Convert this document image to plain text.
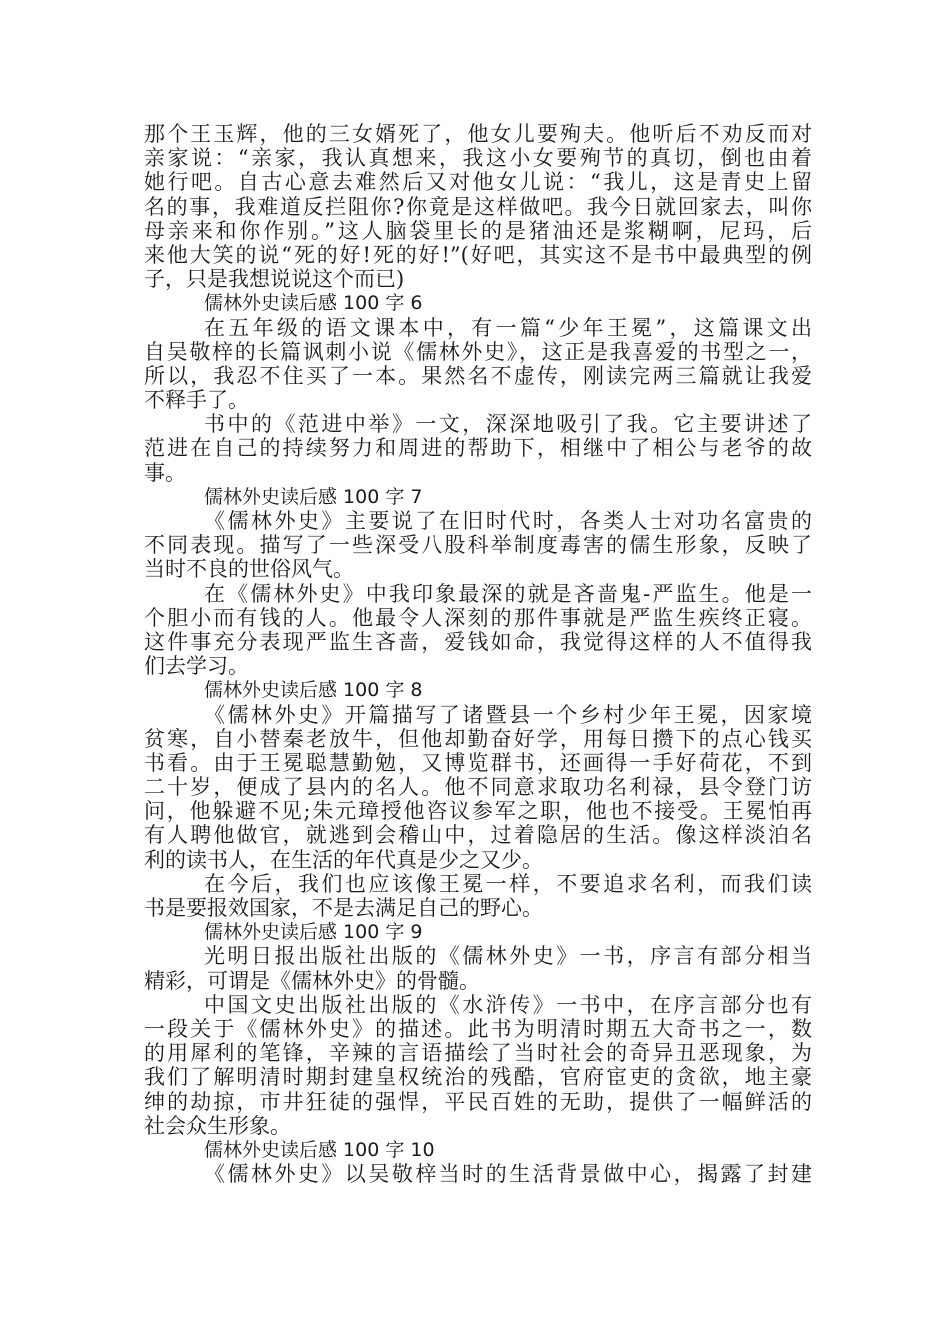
那个王玉辉，他的三女婿死了，他女儿要殉夫。他听后不劝反而对
亲家说：“亲家，我认真想来，我这小女要殉节的真切，倒也由着
她行吧。自古心意去难然后又对他女儿说：“我儿，这是青史上留
名的事，我难道反拦阻你?你竟是这样做吧。我今日就回家去，叫你
母亲来和你作别。”这人脑袋里长的是猪油还是浆糊啊，尼玛，后
来他大笑的说“死的好!死的好!”(好吧，其实这不是书中最典型的例
子，只是我想说说这个而已)
儒林外史读后感 100 字 6
在五年级的语文课本中，有一篇“少年王冕”，这篇课文出
自吴敬梓的长篇讽刺小说《儒林外史》，这正是我喜爱的书型之一，
所以，我忍不住买了一本。果然名不虚传，刚读完两三篇就让我爱
不释手了。
书中的《范进中举》一文，深深地吸引了我。它主要讲述了
范进在自己的持续努力和周进的帮助下，相继中了相公与老爷的故
事。
儒林外史读后感 100 字 7
《儒林外史》主要说了在旧时代时，各类人士对功名富贵的
不同表现。描写了一些深受八股科举制度毒害的儒生形象，反映了
当时不良的世俗风气。
在《儒林外史》中我印象最深的就是吝啬鬼-严监生。他是一
个胆小而有钱的人。他最令人深刻的那件事就是严监生疾终正寝。
这件事充分表现严监生吝啬，爱钱如命，我觉得这样的人不值得我
们去学习。
儒林外史读后感 100 字 8
《儒林外史》开篇描写了诸暨县一个乡村少年王冕，因家境
贫寒，自小替秦老放牛，但他却勤奋好学，用每日攒下的点心钱买
书看。由于王冕聪慧勤勉，又博览群书，还画得一手好荷花，不到
二十岁，便成了县内的名人。他不同意求取功名利禄，县令登门访
问，他躲避不见;朱元璋授他咨议参军之职，他也不接受。王冕怕再
有人聘他做官，就逃到会稽山中，过着隐居的生活。像这样淡泊名
利的读书人，在生活的年代真是少之又少。
在今后，我们也应该像王冕一样，不要追求名利，而我们读
书是要报效国家，不是去满足自己的野心。
儒林外史读后感 100 字 9
光明日报出版社出版的《儒林外史》一书，序言有部分相当
精彩，可谓是《儒林外史》的骨髓。
中国文史出版社出版的《水浒传》一书中，在序言部分也有
一段关于《儒林外史》的描述。此书为明清时期五大奇书之一，数
的用犀利的笔锋，辛辣的言语描绘了当时社会的奇异丑恶现象，为
我们了解明清时期封建皇权统治的残酷，官府宦吏的贪欲，地主豪
绅的劫掠，市井狂徒的强悍，平民百姓的无助，提供了一幅鲜活的
社会众生形象。
儒林外史读后感 100 字 10
《儒林外史》以吴敬梓当时的生活背景做中心，揭露了封建
